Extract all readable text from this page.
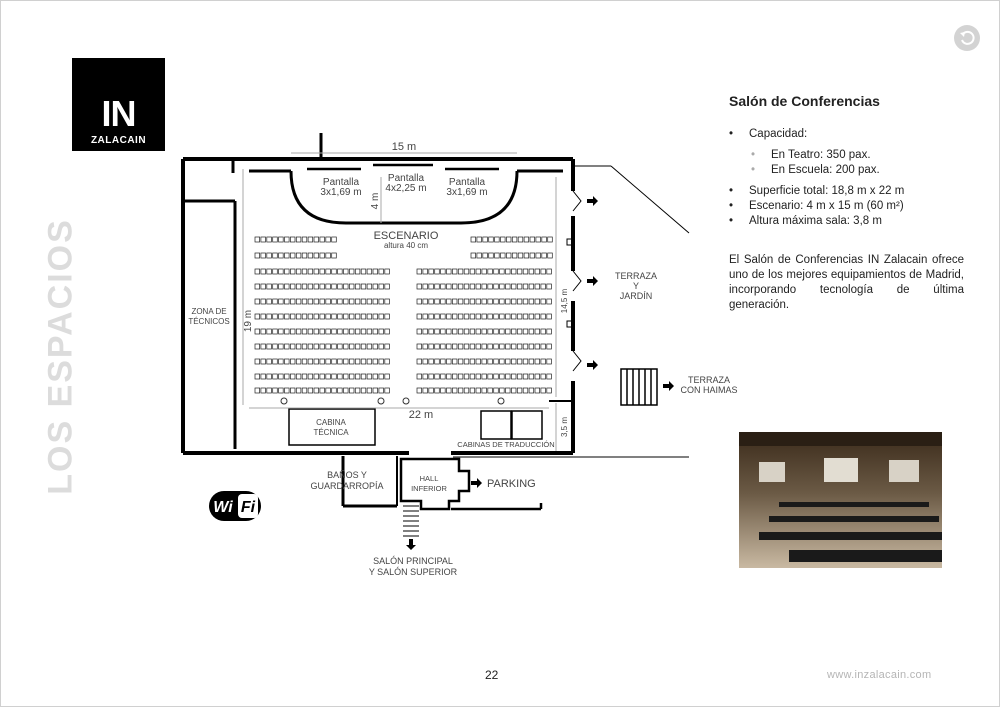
IN
ZALACAIN
LOS ESPACIOS
15 m
22 m
19 m
4 m
14,5 m
3,5 m
Pantalla
3x1,69 m
Pantalla
4x2,25 m
Pantalla
3x1,69 m
ESCENARIO
altura 40 cm
ZONA DE
TÉCNICOS
CABINA
TÉCNICA
CABINAS DE TRADUCCIÓN
TERRAZA
Y
JARDÍN
TERRAZA
CON HAIMAS
BAÑOS Y
GUARDARROPÍA
HALL
INFERIOR	PARKING
SALÓN PRINCIPAL
Y SALÓN SUPERIOR
Wi Fi
Salón de Conferencias
• Capacidad:
• En Teatro: 350 pax.
• En Escuela: 200 pax.
• Superficie total: 18,8 m x 22 m
• Escenario: 4 m x 15 m (60 m²)
• Altura máxima sala: 3,8 m
El Salón de Conferencias IN Zalacain ofrece uno de los mejores equipamientos de Madrid, incorporando tecnología de última generación.
22	www.inzalacain.com
